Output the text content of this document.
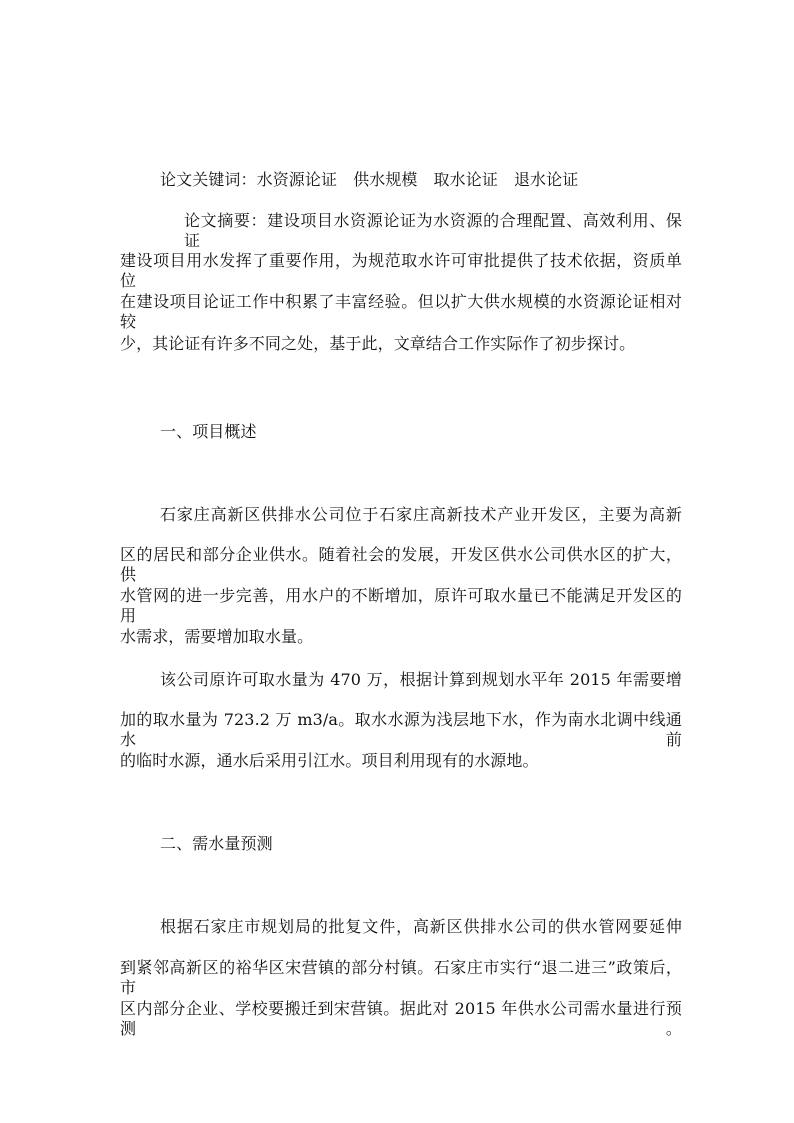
论文关键词：水资源论证 供水规模 取水论证 退水论证
论文摘要：建设项目水资源论证为水资源的合理配置、高效利用、保证
建设项目用水发挥了重要作用，为规范取水许可审批提供了技术依据，资质单位
在建设项目论证工作中积累了丰富经验。但以扩大供水规模的水资源论证相对较
少，其论证有许多不同之处，基于此，文章结合工作实际作了初步探讨。
一、项目概述
石家庄高新区供排水公司位于石家庄高新技术产业开发区，主要为高新
区的居民和部分企业供水。随着社会的发展，开发区供水公司供水区的扩大，供
水管网的进一步完善，用水户的不断增加，原许可取水量已不能满足开发区的用
水需求，需要增加取水量。
该公司原许可取水量为 470 万，根据计算到规划水平年 2015 年需要增
加的取水量为 723.2 万 m3/a。取水水源为浅层地下水，作为南水北调中线通水前
的临时水源，通水后采用引江水。项目利用现有的水源地。
二、需水量预测
根据石家庄市规划局的批复文件，高新区供排水公司的供水管网要延伸
到紧邻高新区的裕华区宋营镇的部分村镇。石家庄市实行“退二进三”政策后，市
区内部分企业、学校要搬迁到宋营镇。据此对 2015 年供水公司需水量进行预测。
